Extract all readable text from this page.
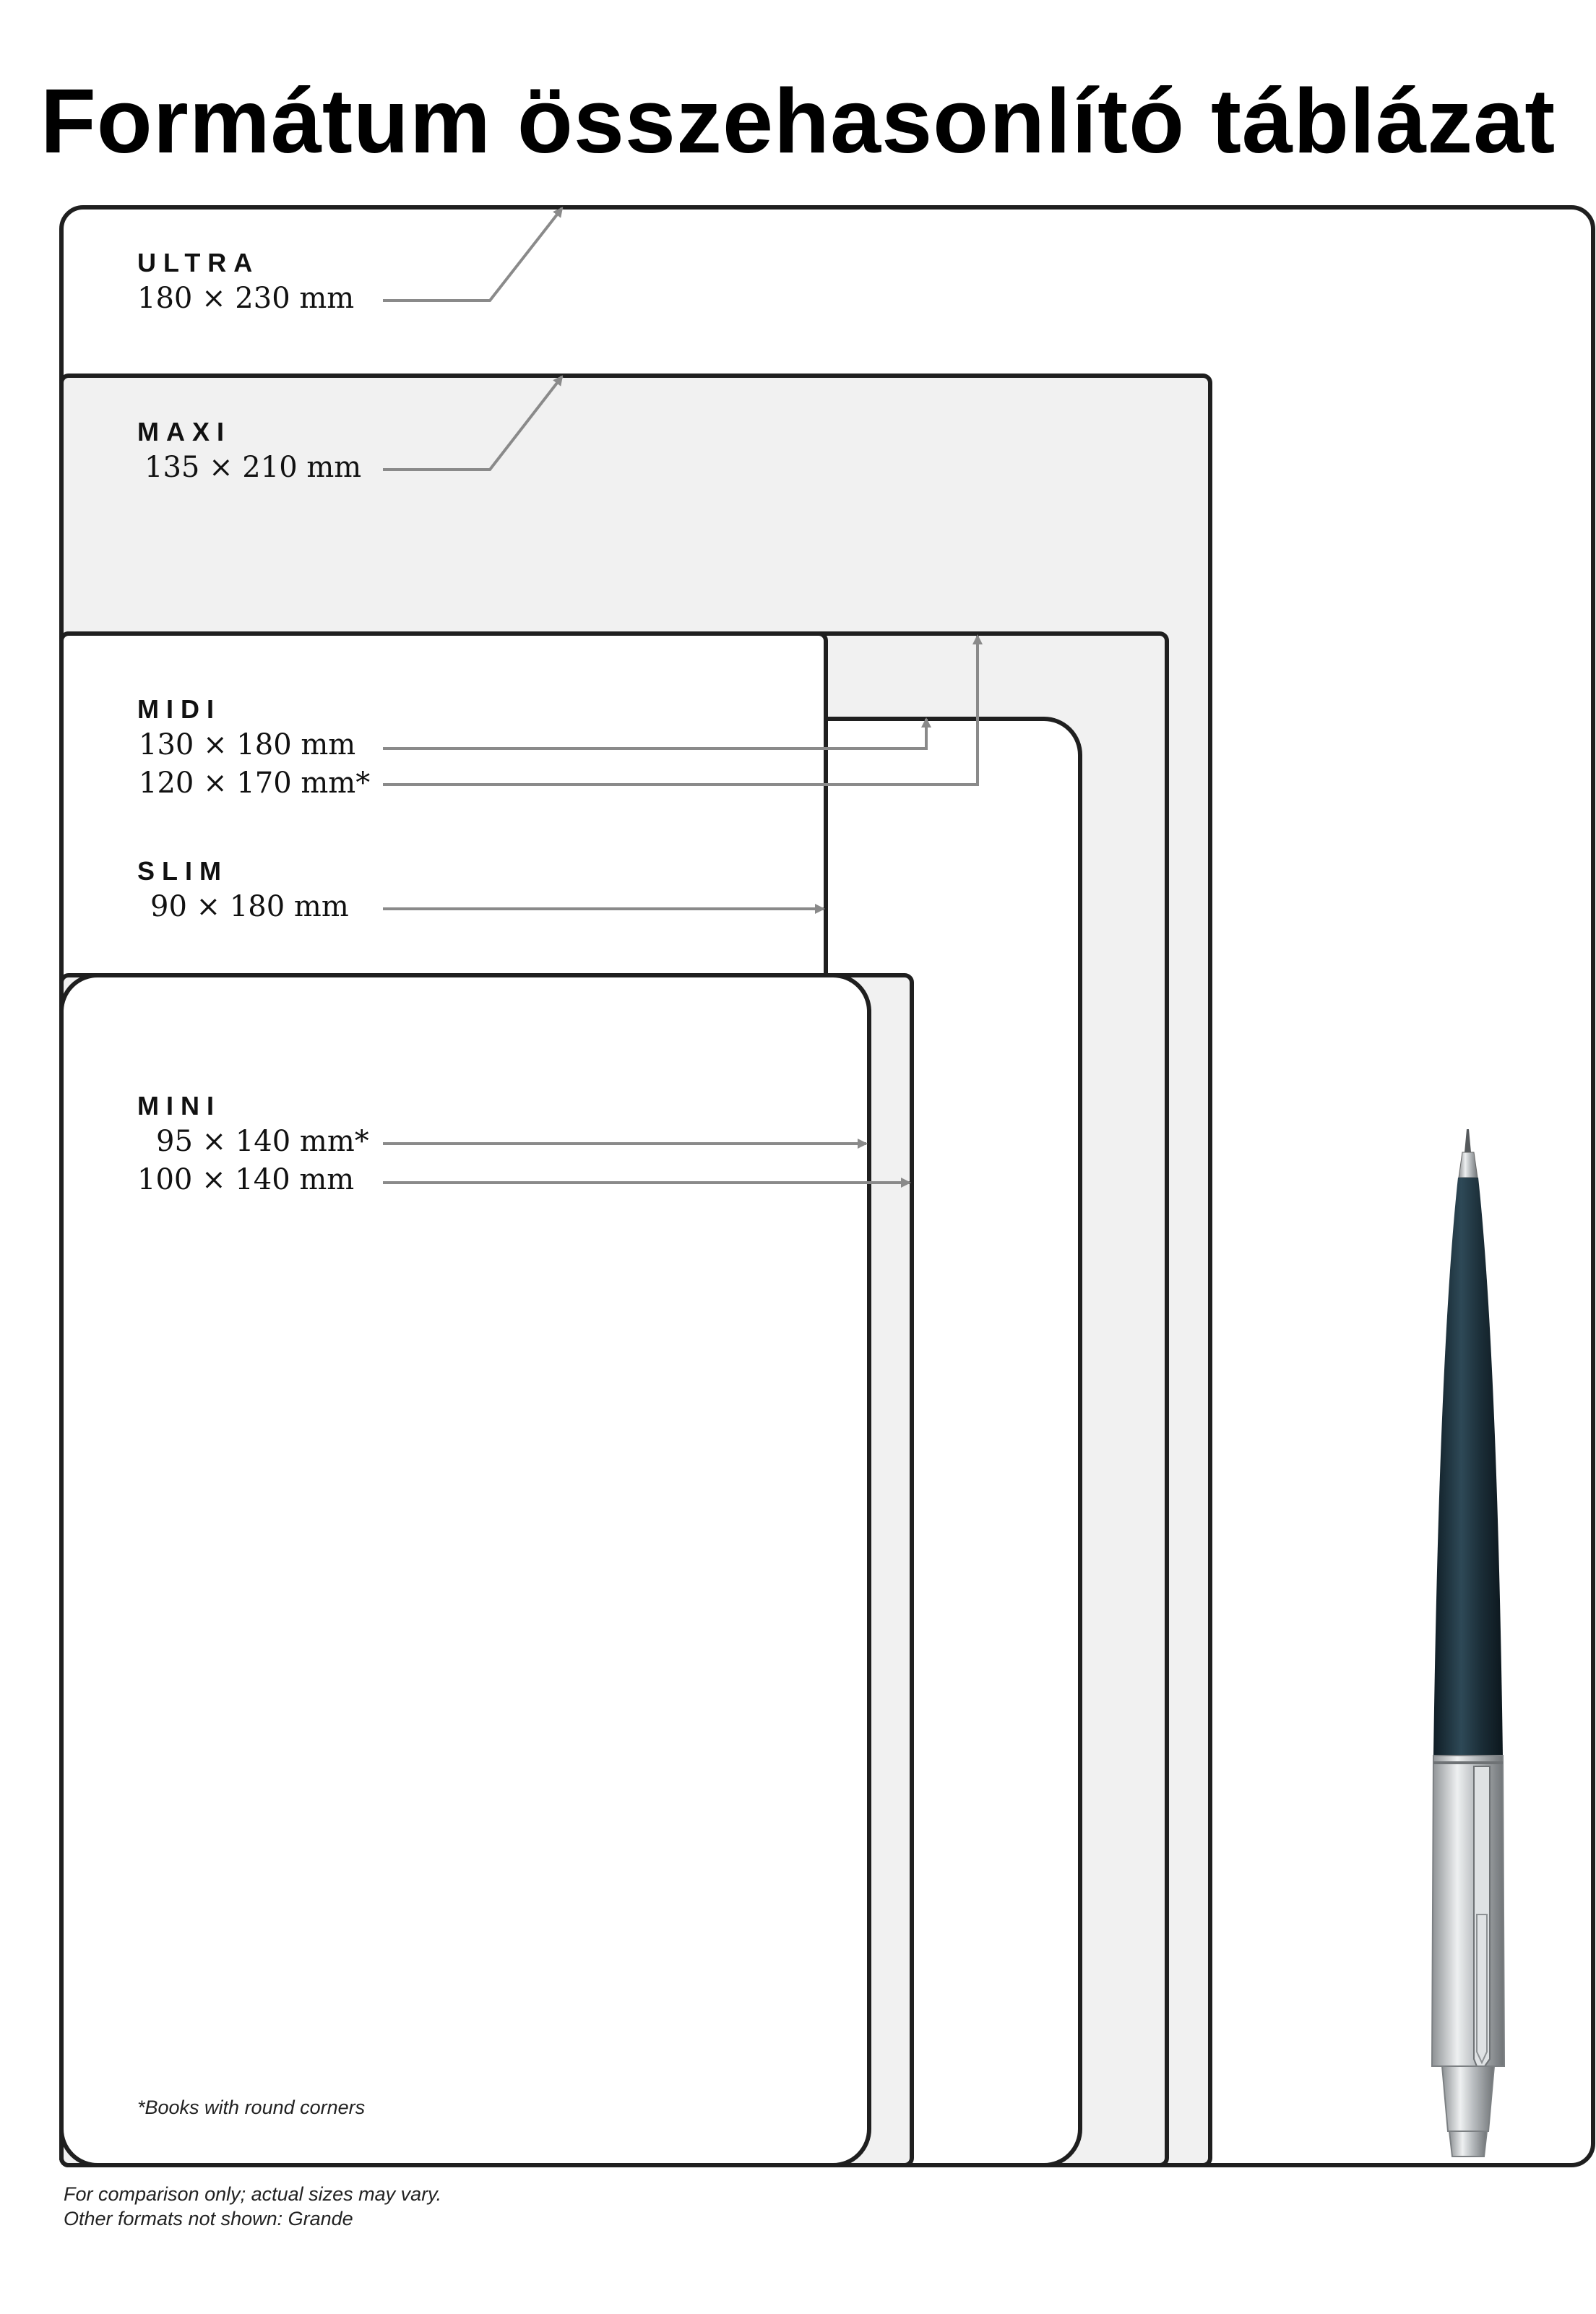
Formátum összehasonlító táblázat
ULTRA
180 × 230 mm
MAXI
135 × 210 mm
MIDI
130 × 180 mm
120 × 170 mm*
SLIM
90 × 180 mm
MINI
95 × 140 mm*
100 × 140 mm
*Books with round corners
For comparison only; actual sizes may vary.
Other formats not shown: Grande
